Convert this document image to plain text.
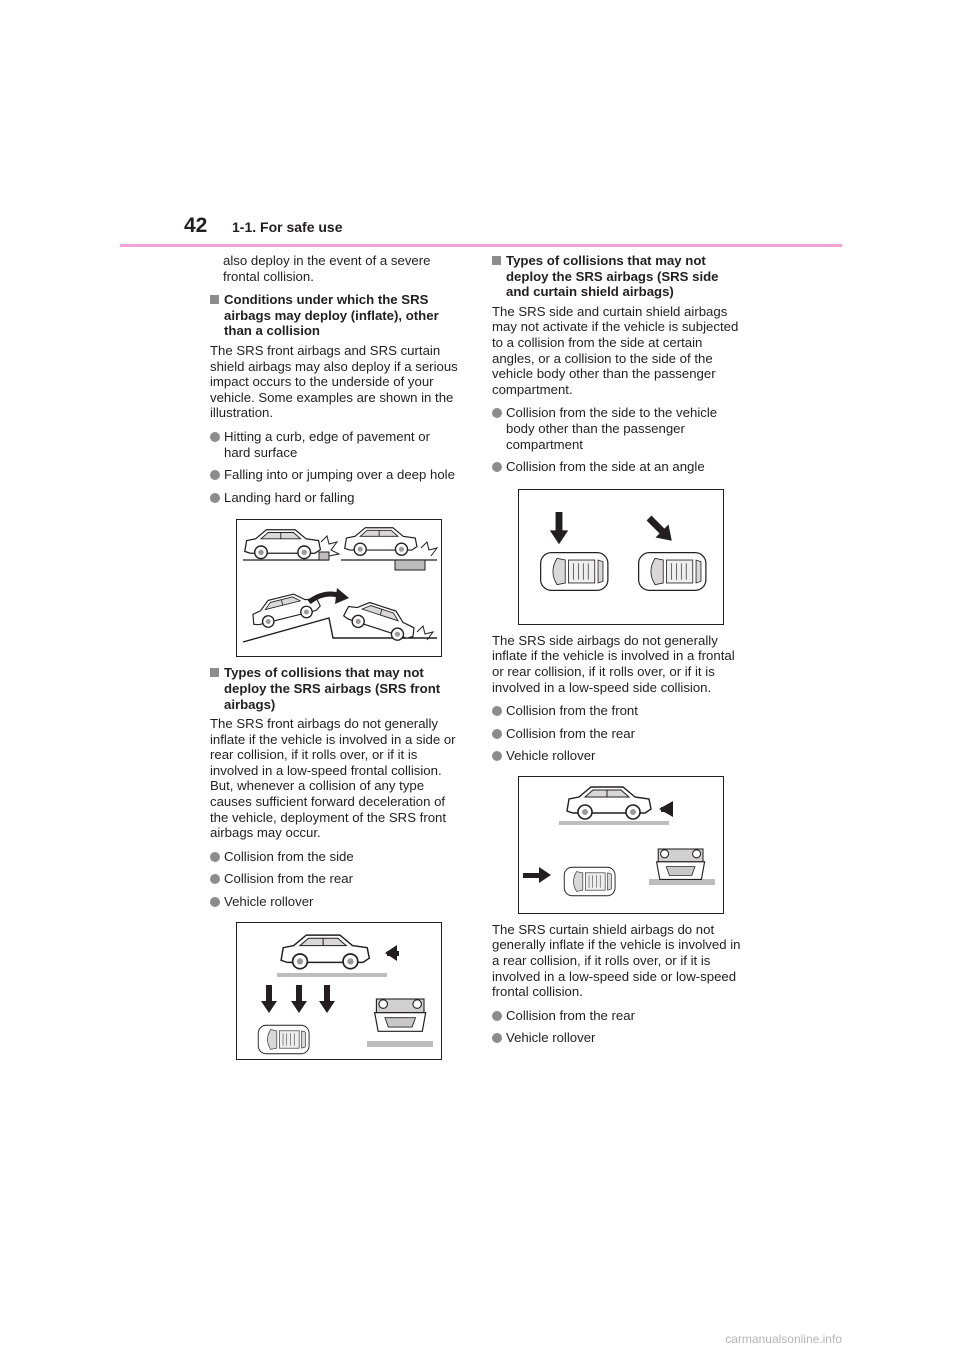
42 1-1. For safe use

also deploy in the event of a severe frontal collision.

Conditions under which the SRS airbags may deploy (inflate), other than a collision

The SRS front airbags and SRS curtain shield airbags may also deploy if a serious impact occurs to the underside of your vehicle. Some examples are shown in the illustration.

Hitting a curb, edge of pavement or hard surface
Falling into or jumping over a deep hole
Landing hard or falling
Types of collisions that may not deploy the SRS airbags (SRS front airbags)

The SRS front airbags do not generally inflate if the vehicle is involved in a side or rear collision, if it rolls over, or if it is involved in a low-speed frontal collision. But, whenever a collision of any type causes sufficient forward deceleration of the vehicle, deployment of the SRS front airbags may occur.

Collision from the side
Collision from the rear
Vehicle rollover
Types of collisions that may not deploy the SRS airbags (SRS side and curtain shield airbags)

The SRS side and curtain shield airbags may not activate if the vehicle is subjected to a collision from the side at certain angles, or a collision to the side of the vehicle body other than the passenger compartment.

Collision from the side to the vehicle body other than the passenger compartment
Collision from the side at an angle

The SRS side airbags do not generally inflate if the vehicle is involved in a frontal or rear collision, if it rolls over, or if it is involved in a low-speed side collision.

Collision from the front
Collision from the rear
Vehicle rollover

The SRS curtain shield airbags do not generally inflate if the vehicle is involved in a rear collision, if it rolls over, or if it is involved in a low-speed side or low-speed frontal collision.

Collision from the rear
Vehicle rollover
carmanualsonline.info
